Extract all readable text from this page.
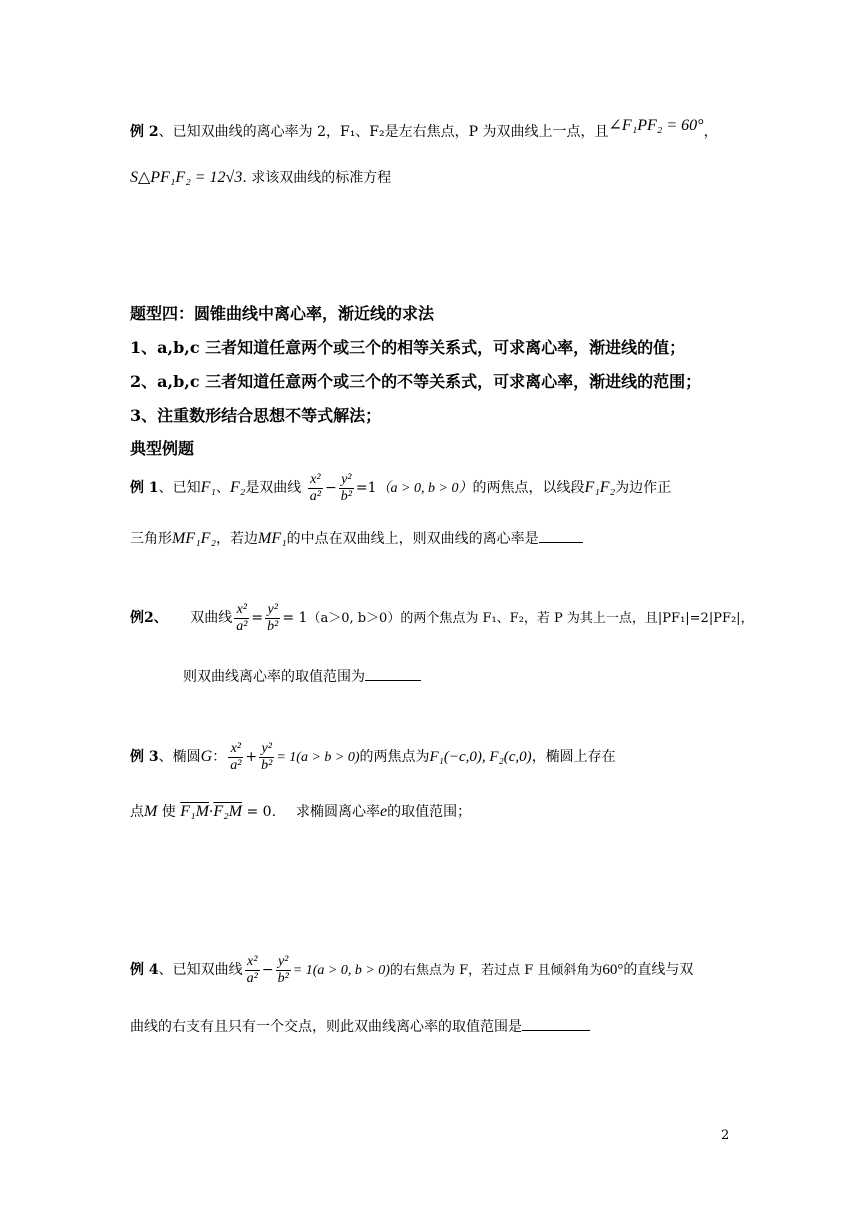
例 2、已知双曲线的离心率为 2，F₁、F₂是左右焦点，P 为双曲线上一点，且∠F₁PF₂ = 60°，
S△PF₁F₂ = 12√3. 求该双曲线的标准方程
题型四：圆锥曲线中离心率，渐近线的求法
1、a,b,c 三者知道任意两个或三个的相等关系式，可求离心率，渐进线的值；
2、a,b,c 三者知道任意两个或三个的不等关系式，可求离心率，渐进线的范围；
3、注重数形结合思想不等式解法；
典型例题
例 1、已知F₁、F₂是双曲线 $\frac{\text{x²}}{\text{a²}} - \frac{\text{y²}}{\text{b²}} =1(a > 0$, b > 0）的两焦点，以线段F₁F₂为边作正
三角形MF₁F₂，若边MF₁的中点在双曲线上，则双曲线的离心率是
例2、 双曲线 $\frac{\text{x²}}{\text{a²}} = \frac{\text{y²}}{\text{b²}} = 1(a>0$, b＞0）的两个焦点为 F₁、F₂，若 P 为其上一点，且|PF₁|=2|PF₂|，
则双曲线离心率的取值范围为
例 3、椭圆G： $\frac{\text{x²}}{\text{a²}} + \frac{\text{y²}}{\text{b²}} = 1(a > b > 0)$的两焦点为F₁(−c,0), F₂(c,0)，椭圆上存在
点M 使 F₁M·F₂M = 0. 求椭圆离心率e的取值范围；
例 4、已知双曲线 $\frac{\text{x²}}{\text{a²}} - \frac{\text{y²}}{\text{b²}} = 1(a > 0$, b > 0)的右焦点为 F，若过点 F 且倾斜角为60°的直线与双
曲线的右支有且只有一个交点，则此双曲线离心率的取值范围是
2
